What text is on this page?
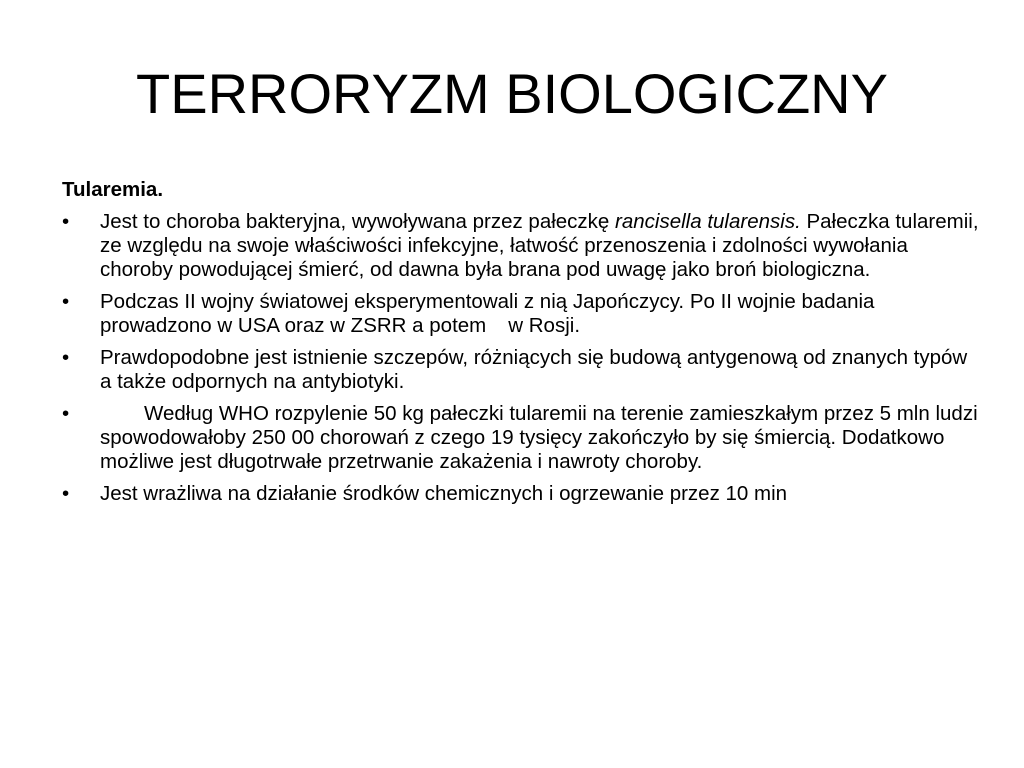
TERRORYZM BIOLOGICZNY
Tularemia.
• Jest to choroba bakteryjna, wywoływana przez pałeczkę rancisella tularensis. Pałeczka tularemii, ze względu na swoje właściwości infekcyjne, łatwość przenoszenia i zdolności wywołania choroby powodującej śmierć, od dawna była brana pod uwagę jako broń biologiczna.
• Podczas II wojny światowej eksperymentowali z nią Japończycy. Po II wojnie badania prowadzono w USA oraz w ZSRR a potem w Rosji.
• Prawdopodobne jest istnienie szczepów, różniących się budową antygenową od znanych typów a także odpornych na antybiotyki.
•	Według WHO rozpylenie 50 kg pałeczki tularemii na terenie zamieszkałym przez 5 mln ludzi spowodowałoby 250 00 chorowań z czego 19 tysięcy zakończyło by się śmiercią. Dodatkowo możliwe jest długotrwałe przetrwanie zakażenia i nawroty choroby.
• Jest wrażliwa na działanie środków chemicznych i ogrzewanie przez 10 min
